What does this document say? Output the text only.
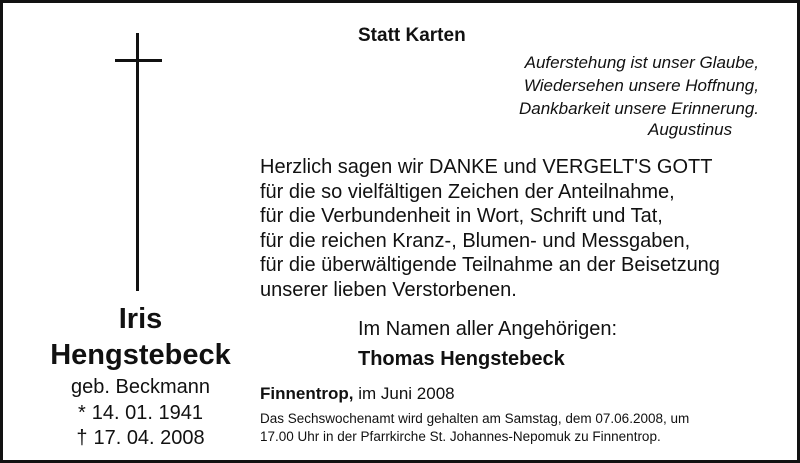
Iris
Hengstebeck
geb. Beckmann
* 14. 01. 1941
† 17. 04. 2008
Statt Karten
Auferstehung ist unser Glaube,
Wiedersehen unsere Hoffnung,
Dankbarkeit unsere Erinnerung.
Augustinus
Herzlich sagen wir DANKE und VERGELT'S GOTT
für die so vielfältigen Zeichen der Anteilnahme,
für die Verbundenheit in Wort, Schrift und Tat,
für die reichen Kranz-, Blumen- und Messgaben,
für die überwältigende Teilnahme an der Beisetzung
unserer lieben Verstorbenen.
Im Namen aller Angehörigen:
Thomas Hengstebeck
Finnentrop, im Juni 2008
Das Sechswochenamt wird gehalten am Samstag, dem 07.06.2008, um
17.00 Uhr in der Pfarrkirche St. Johannes-Nepomuk zu Finnentrop.
